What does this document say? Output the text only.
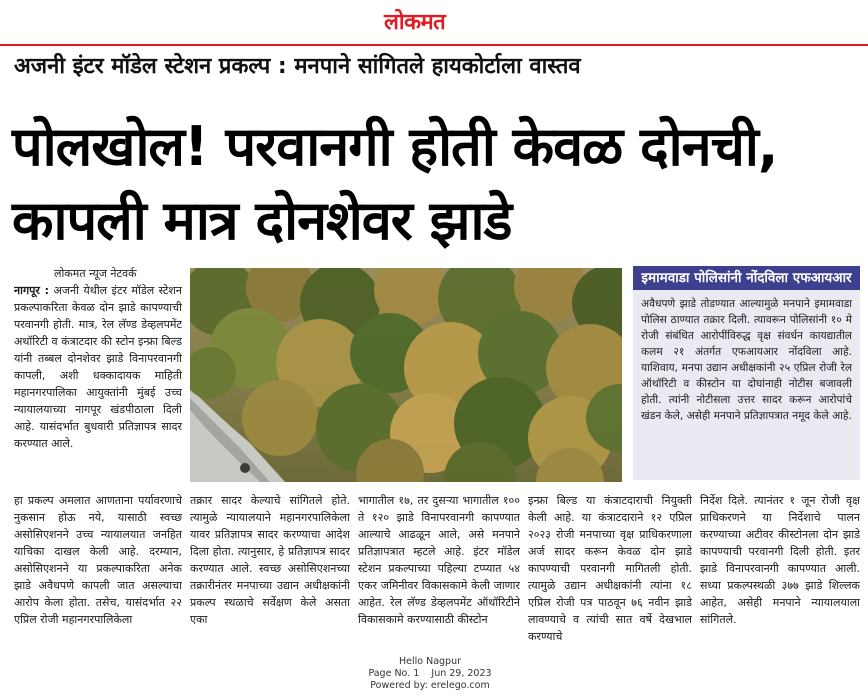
लोकमत
अजनी इंटर मॉडेल स्टेशन प्रकल्प : मनपाने सांगितले हायकोर्टाला वास्तव
पोलखोल! परवानगी होती केवळ दोनची, कापली मात्र दोनशेवर झाडे
लोकमत न्यूज नेटवर्क
नागपूर : अजनी येथील इंटर मॉडेल स्टेशन प्रकल्पाकरिता केवळ दोन झाडे कापण्याची परवानगी होती. मात्र, रेल लॅण्ड डेव्हलपमेंट अथॉरिटी व कंत्राटदार की स्टोन इन्फ्रा बिल्ड यांनी तब्बल दोनशेवर झाडे विनापरवानगी कापली, अशी धक्कादायक माहिती महानगरपालिका आयुक्तांनी मुंबई उच्च न्यायालयाच्या नागपूर खंडपीठाला दिली आहे. यासंदर्भात बुधवारी प्रतिज्ञापत्र सादर करण्यात आले.
इमामवाडा पोलिसांनी नोंदविला एफआयआर
अवैधपणे झाडे तोडण्यात आल्यामुळे मनपाने इमामवाडा पोलिस ठाण्यात तक्रार दिली. त्यावरून पोलिसांनी १० मे रोजी संबंधित आरोपींविरुद्ध वृक्ष संवर्धन कायद्यातील कलम २१ अंतर्गत एफआयआर नोंदविला आहे. याशिवाय, मनपा उद्यान अधीक्षकांनी २५ एप्रिल रोजी रेल ऑथॉरिटी व कीस्टोन या दोघांनाही नोटीस बजावली होती. त्यांनी नोटीसला उत्तर सादर करून आरोपांचे खंडन केले, असेही मनपाने प्रतिज्ञापत्रात नमूद केले आहे.
हा प्रकल्प अमलात आणताना पर्यावरणाचे नुकसान होऊ नये, यासाठी स्वच्छ असोसिएशनने उच्च न्यायालयात जनहित याचिका दाखल केली आहे. दरम्यान, असोसिएशनने या प्रकल्पाकरिता अनेक झाडे अवैधपणे कापली जात असल्याचा आरोप केला होता. तसेच, यासंदर्भात २२ एप्रिल रोजी महानगरपालिकेला
तक्रार सादर केल्याचे सांगितले होते. त्यामुळे न्यायालयाने महानगरपालिकेला यावर प्रतिज्ञापत्र सादर करण्याचा आदेश दिला होता. त्यानुसार, हे प्रतिज्ञापत्र सादर करण्यात आले. स्वच्छ असोसिएशनच्या तक्रारीनंतर मनपाच्या उद्यान अधीक्षकांनी प्रकल्प स्थळाचे सर्वेक्षण केले असता एका
भागातील १७, तर दुसऱ्या भागातील १०० ते १२० झाडे विनापरवानगी कापण्यात आल्याचे आढळून आले, असे मनपाने प्रतिज्ञापत्रात म्हटले आहे. इंटर मॉडेल स्टेशन प्रकल्पाच्या पहिल्या टप्प्यात ५४ एकर जमिनीवर विकासकामे केली जाणार आहेत. रेल लॅण्ड डेव्हलपमेंट ऑथॉरिटीने विकासकामे करण्यासाठी कीस्टोन
इन्फ्रा बिल्ड या कंत्राटदाराची नियुक्ती केली आहे. या कंत्राटदाराने १२ एप्रिल २०२३ रोजी मनपाच्या वृक्ष प्राधिकरणाला अर्ज सादर करून केवळ दोन झाडे कापण्याची परवानगी मागितली होती. त्यामुळे उद्यान अधीक्षकांनी त्यांना १८ एप्रिल रोजी पत्र पाठवून ७६ नवीन झाडे लावण्याचे व त्यांची सात वर्षे देखभाल करण्याचे
निर्देश दिले. त्यानंतर १ जून रोजी वृक्ष प्राधिकरणने या निर्देशाचे पालन करण्याच्या अटीवर कीस्टोनला दोन झाडे कापण्याची परवानगी दिली होती. इतर झाडे विनापरवानगी कापण्यात आली. सध्या प्रकल्पस्थळी ३७७ झाडे शिल्लक आहेत, असेही मनपाने न्यायालयाला सांगितले.
Hello Nagpur
Page No. 1 Jun 29, 2023
Powered by: erelego.com
